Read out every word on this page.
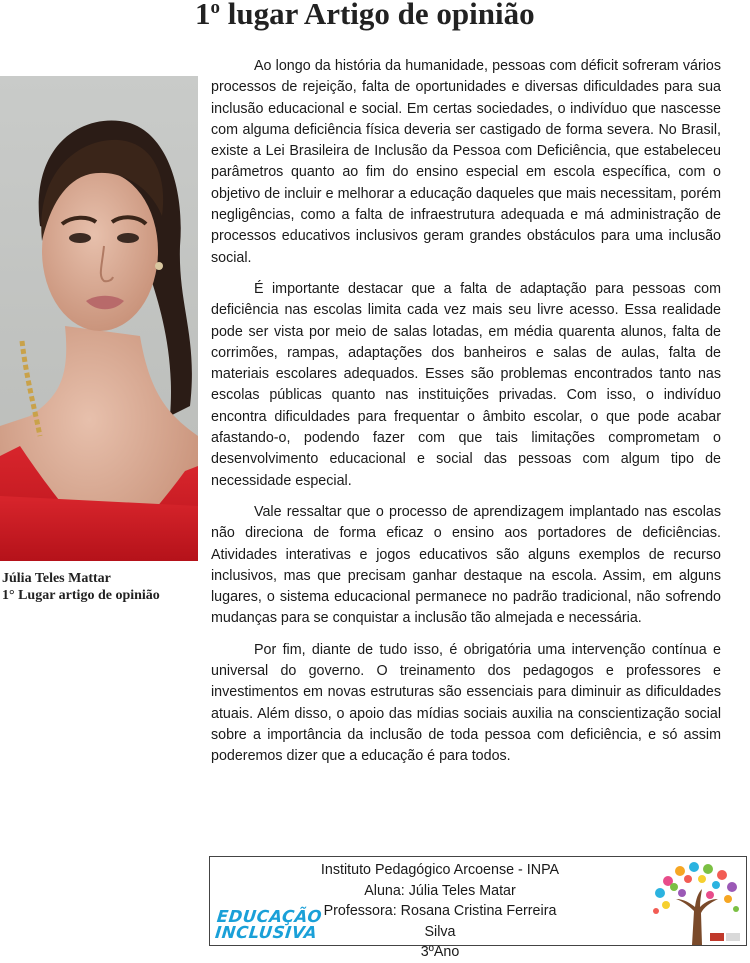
1$^o$ lugar Artigo de opinião
Júlia Teles Mattar
1° Lugar artigo de opinião

Ao longo da história da humanidade, pessoas com déficit sofreram vários processos de rejeição, falta de oportunidades e diversas dificuldades para sua inclusão educacional e social. Em certas sociedades, o indivíduo que nascesse com alguma deficiência física deveria ser castigado de forma severa. No Brasil, existe a Lei Brasileira de Inclusão da Pessoa com Deficiência, que estabeleceu parâmetros quanto ao fim do ensino especial em escola específica, com o objetivo de incluir e melhorar a educação daqueles que mais necessitam, porém negligências, como a falta de infraestrutura adequada e má administração de processos educativos inclusivos geram grandes obstáculos para uma inclusão social.

É importante destacar que a falta de adaptação para pessoas com deficiência nas escolas limita cada vez mais seu livre acesso. Essa realidade pode ser vista por meio de salas lotadas, em média quarenta alunos, falta de corrimões, rampas, adaptações dos banheiros e salas de aulas, falta de materiais escolares adequados. Esses são problemas encontrados tanto nas escolas públicas quanto nas instituições privadas. Com isso, o indivíduo encontra dificuldades para frequentar o âmbito escolar, o que pode acabar afastando-o, podendo fazer com que tais limitações comprometam o desenvolvimento educacional e social das pessoas com algum tipo de necessidade especial.

Vale ressaltar que o processo de aprendizagem implantado nas escolas não direciona de forma eficaz o ensino aos portadores de deficiências. Atividades interativas e jogos educativos são alguns exemplos de recurso inclusivos, mas que precisam ganhar destaque na escola. Assim, em alguns lugares, o sistema educacional permanece no padrão tradicional, não sofrendo mudanças para se conquistar a inclusão tão almejada e necessária.

Por fim, diante de tudo isso, é obrigatória uma intervenção contínua e universal do governo. O treinamento dos pedagogos e professores e investimentos em novas estruturas são essenciais para diminuir as dificuldades atuais. Além disso, o apoio das mídias sociais auxilia na conscientização social sobre a importância da inclusão de toda pessoa com deficiência, e só assim poderemos dizer que a educação é para todos.

EDUCAÇÃO
INCLUSIVA
Instituto Pedagógico Arcoense - INPA
Aluna: Júlia Teles Matar
Professora: Rosana Cristina Ferreira Silva
3ºAno
